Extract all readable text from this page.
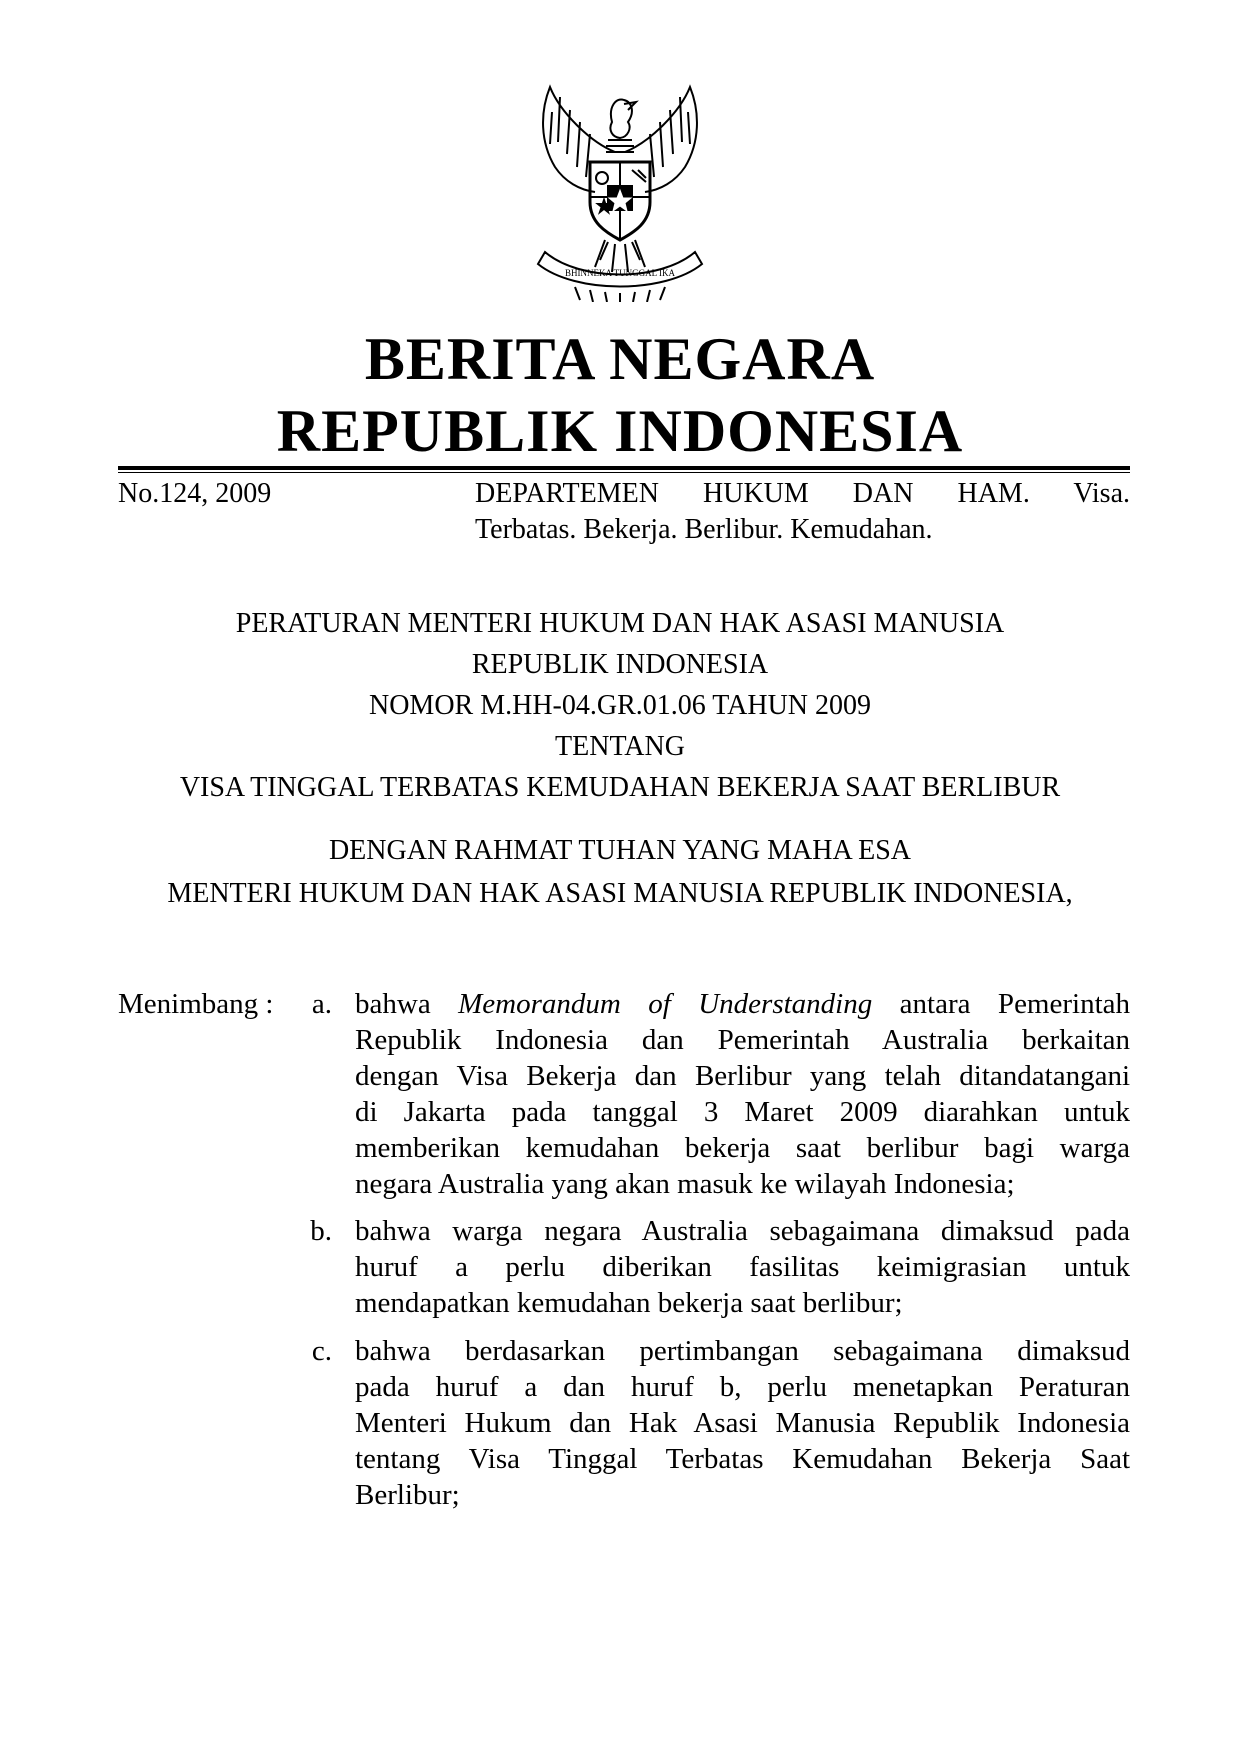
BHINNEKA TUNGGAL IKA
BERITA NEGARA
REPUBLIK INDONESIA
No.124, 2009	DEPARTEMEN HUKUM DAN HAM. Visa.
Terbatas. Bekerja. Berlibur. Kemudahan.
PERATURAN MENTERI HUKUM DAN HAK ASASI MANUSIA
REPUBLIK INDONESIA
NOMOR M.HH-04.GR.01.06 TAHUN 2009
TENTANG
VISA TINGGAL TERBATAS KEMUDAHAN BEKERJA SAAT BERLIBUR
DENGAN RAHMAT TUHAN YANG MAHA ESA
MENTERI HUKUM DAN HAK ASASI MANUSIA REPUBLIK INDONESIA,
Menimbang :	a. bahwa Memorandum of Understanding antara Pemerintah
Republik Indonesia dan Pemerintah Australia berkaitan
dengan Visa Bekerja dan Berlibur yang telah ditandatangani
di Jakarta pada tanggal 3 Maret 2009 diarahkan untuk
memberikan kemudahan bekerja saat berlibur bagi warga
negara Australia yang akan masuk ke wilayah Indonesia;
b. bahwa warga negara Australia sebagaimana dimaksud pada
huruf a perlu diberikan fasilitas keimigrasian untuk
mendapatkan kemudahan bekerja saat berlibur;
c. bahwa berdasarkan pertimbangan sebagaimana dimaksud
pada huruf a dan huruf b, perlu menetapkan Peraturan
Menteri Hukum dan Hak Asasi Manusia Republik Indonesia
tentang Visa Tinggal Terbatas Kemudahan Bekerja Saat
Berlibur;
